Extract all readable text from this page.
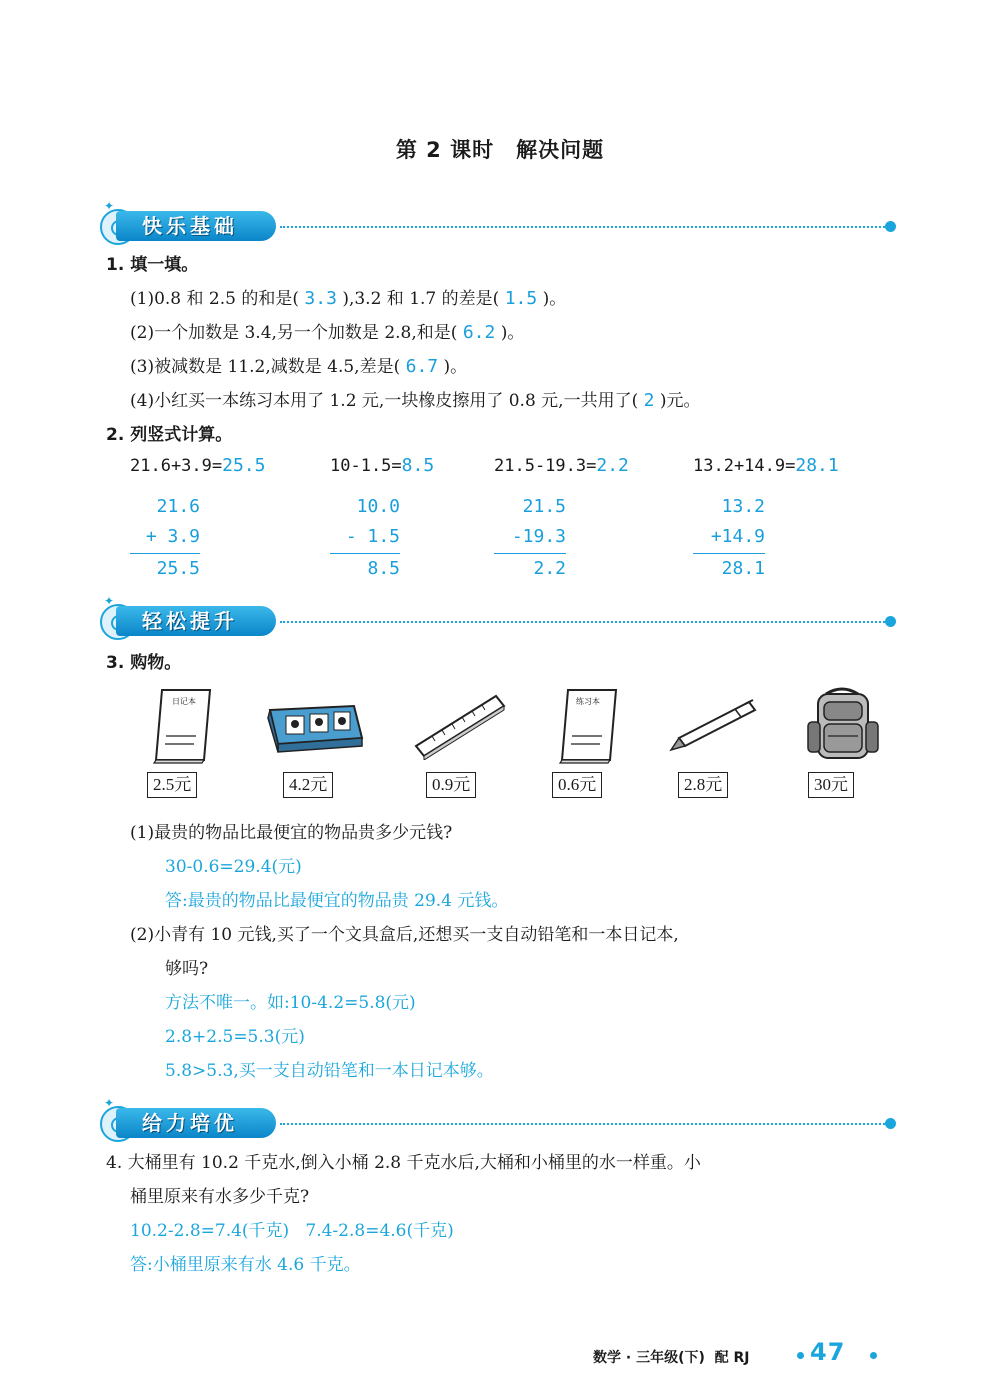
第 2 课时 解决问题
✦
快乐基础
1. 填一填。
(1)0.8 和 2.5 的和是( 3.3 ),3.2 和 1.7 的差是( 1.5 )。
(2)一个加数是 3.4,另一个加数是 2.8,和是( 6.2 )。
(3)被减数是 11.2,减数是 4.5,差是( 6.7 )。
(4)小红买一本练习本用了 1.2 元,一块橡皮擦用了 0.8 元,一共用了( 2 )元。
2. 列竖式计算。
21.6+3.9=25.5	10-1.5=8.5	21.5-19.3=2.2	13.2+14.9=28.1
21.6
+ 3.9
25.5
10.0
- 1.5
8.5
21.5
-19.3
2.2
13.2
+14.9
28.1
✦
轻松提升
3. 购物。
日记本
2.5元	4.2元	0.9元
练习本
0.6元	2.8元	30元
(1)最贵的物品比最便宜的物品贵多少元钱?
30-0.6=29.4(元)
答:最贵的物品比最便宜的物品贵 29.4 元钱。
(2)小青有 10 元钱,买了一个文具盒后,还想买一支自动铅笔和一本日记本,
够吗?
方法不唯一。如:10-4.2=5.8(元)
2.8+2.5=5.3(元)
5.8>5.3,买一支自动铅笔和一本日记本够。
✦
给力培优
4. 大桶里有 10.2 千克水,倒入小桶 2.8 千克水后,大桶和小桶里的水一样重。小
桶里原来有水多少千克?
10.2-2.8=7.4(千克)   7.4-2.8=4.6(千克)
答:小桶里原来有水 4.6 千克。
数学 · 三年级(下)  配 RJ	47
